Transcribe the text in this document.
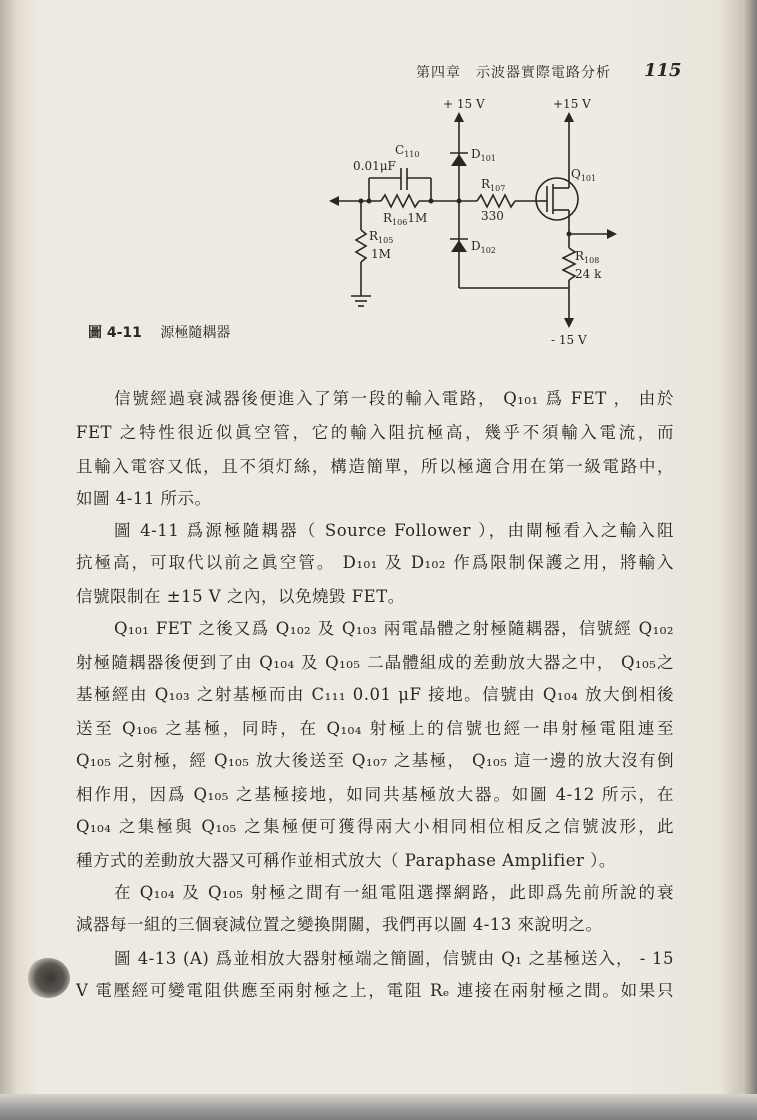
第四章　示波器實際電路分析 115
+ 15 V	+15 V
- 15 V
$C_{110}$
0.01μF
$R_{106}1M$
$R_{105}$
1M
$R_{107}$
330
$D_{101}$
$D_{102}$
$Q_{101}$
$R_{108}$
24 k
圖 4-11 源極隨耦器
信號經過衰減器後便進入了第一段的輸入電路， Q₁₀₁ 爲 FET ， 由於
FET 之特性很近似眞空管，它的輸入阻抗極高，幾乎不須輸入電流，而
且輸入電容又低，且不須灯絲，構造簡單，所以極適合用在第一級電路中，
如圖 4-11 所示。
圖 4-11 爲源極隨耦器（ Source Follower ），由閘極看入之輸入阻
抗極高，可取代以前之眞空管。 D₁₀₁ 及 D₁₀₂ 作爲限制保護之用，將輸入
信號限制在 ±15 V 之內，以免燒毀 FET。
Q₁₀₁ FET 之後又爲 Q₁₀₂ 及 Q₁₀₃ 兩電晶體之射極隨耦器，信號經 Q₁₀₂
射極隨耦器後便到了由 Q₁₀₄ 及 Q₁₀₅ 二晶體組成的差動放大器之中， Q₁₀₅之
基極經由 Q₁₀₃ 之射基極而由 C₁₁₁ 0.01 μF 接地。信號由 Q₁₀₄ 放大倒相後
送至 Q₁₀₆ 之基極，同時，在 Q₁₀₄ 射極上的信號也經一串射極電阻連至
Q₁₀₅ 之射極，經 Q₁₀₅ 放大後送至 Q₁₀₇ 之基極， Q₁₀₅ 這一邊的放大沒有倒
相作用，因爲 Q₁₀₅ 之基極接地，如同共基極放大器。如圖 4-12 所示，在
Q₁₀₄ 之集極與 Q₁₀₅ 之集極便可獲得兩大小相同相位相反之信號波形，此
種方式的差動放大器又可稱作並相式放大（ Paraphase Amplifier ）。
在 Q₁₀₄ 及 Q₁₀₅ 射極之間有一組電阻選擇網路，此即爲先前所說的衰
減器每一組的三個衰減位置之變換開關，我們再以圖 4-13 來說明之。
圖 4-13 (A) 爲並相放大器射極端之簡圖，信號由 Q₁ 之基極送入， - 15
V 電壓經可變電阻供應至兩射極之上，電阻 Rₑ 連接在兩射極之間。如果只
